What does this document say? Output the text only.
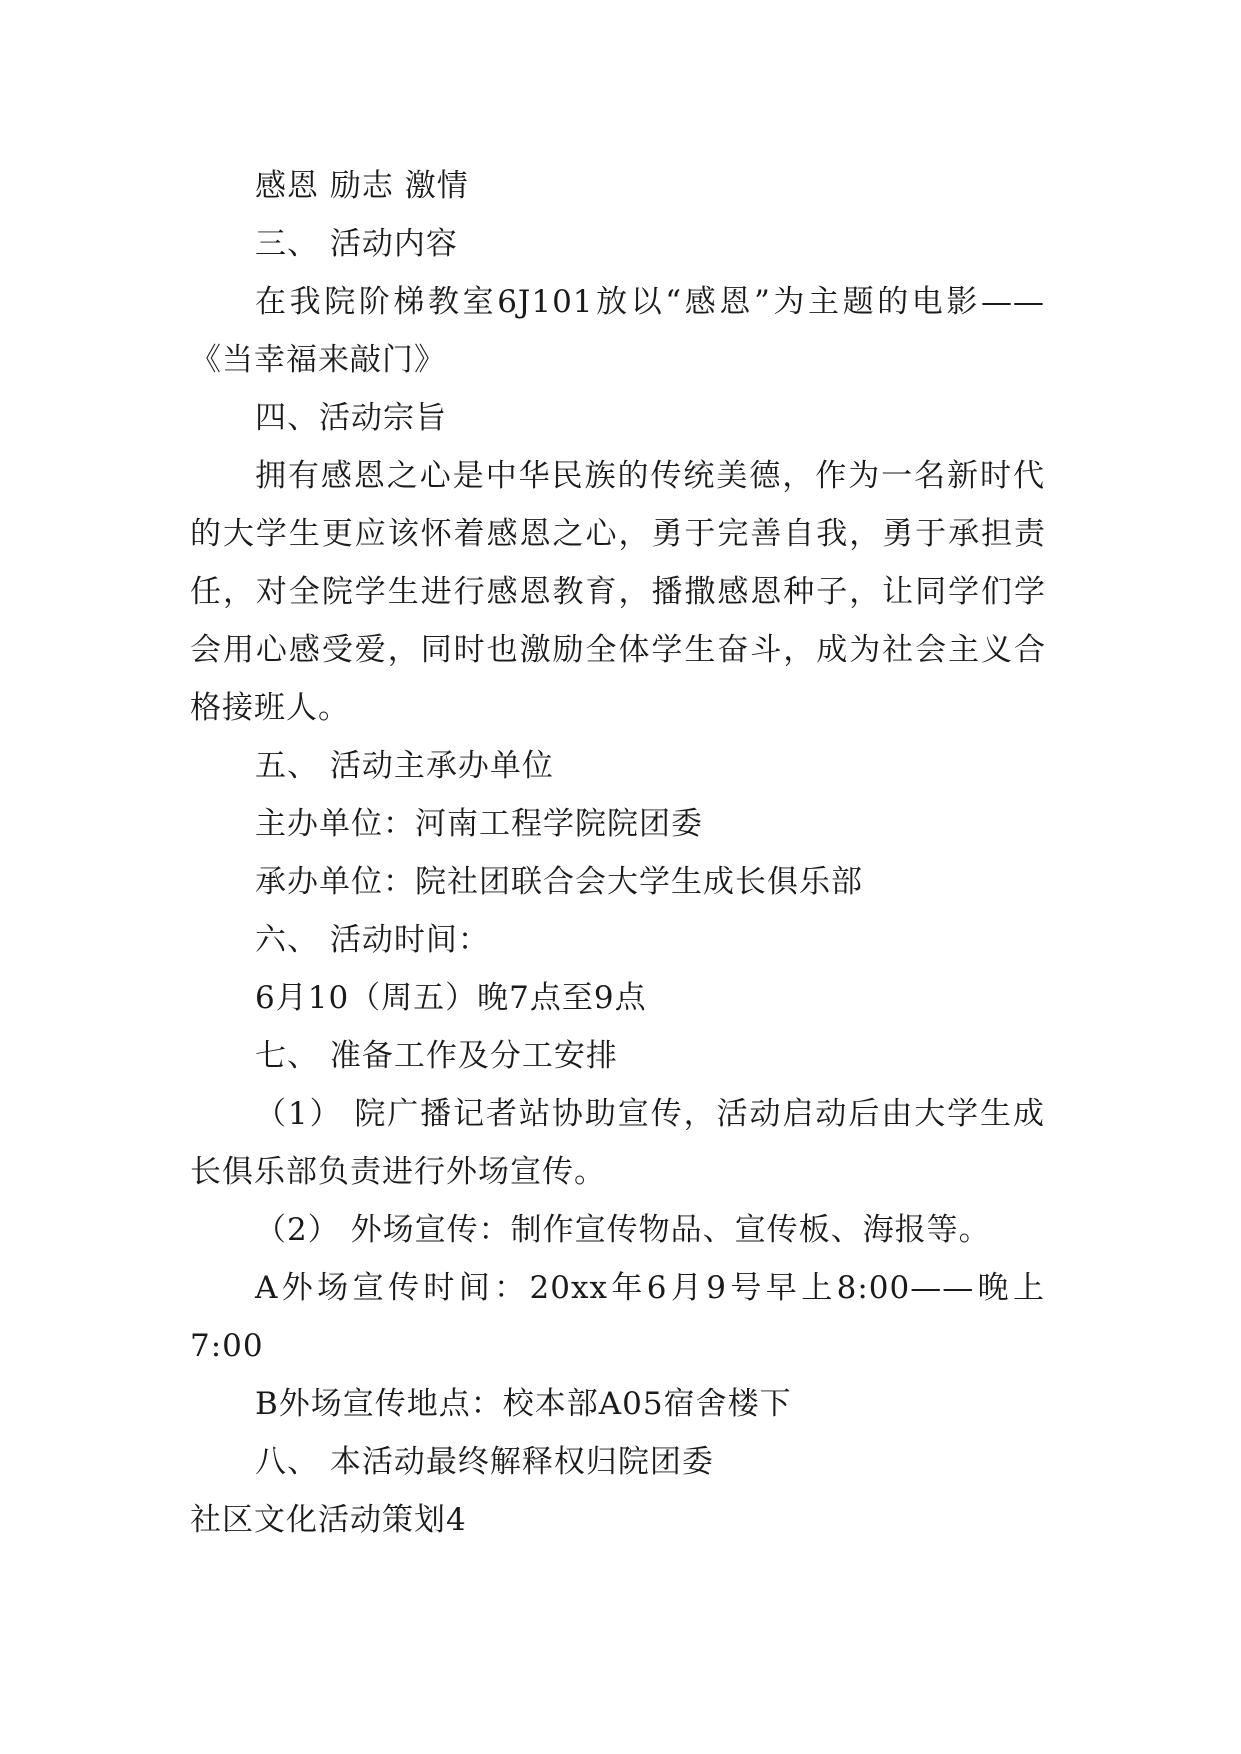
感恩 励志 激情
三、 活动内容
在我院阶梯教室6J101放以“感恩”为主题的电影——
《当幸福来敲门》
四、活动宗旨
拥有感恩之心是中华民族的传统美德，作为一名新时代
的大学生更应该怀着感恩之心，勇于完善自我，勇于承担责
任，对全院学生进行感恩教育，播撒感恩种子，让同学们学
会用心感受爱，同时也激励全体学生奋斗，成为社会主义合
格接班人。
五、 活动主承办单位
主办单位：河南工程学院院团委
承办单位：院社团联合会大学生成长俱乐部
六、 活动时间：
6月10（周五）晚7点至9点
七、 准备工作及分工安排
（1） 院广播记者站协助宣传，活动启动后由大学生成
长俱乐部负责进行外场宣传。
（2） 外场宣传：制作宣传物品、宣传板、海报等。
A外场宣传时间：20xx年6月9号早上8:00——晚上
7:00
B外场宣传地点：校本部A05宿舍楼下
八、 本活动最终解释权归院团委
社区文化活动策划4
